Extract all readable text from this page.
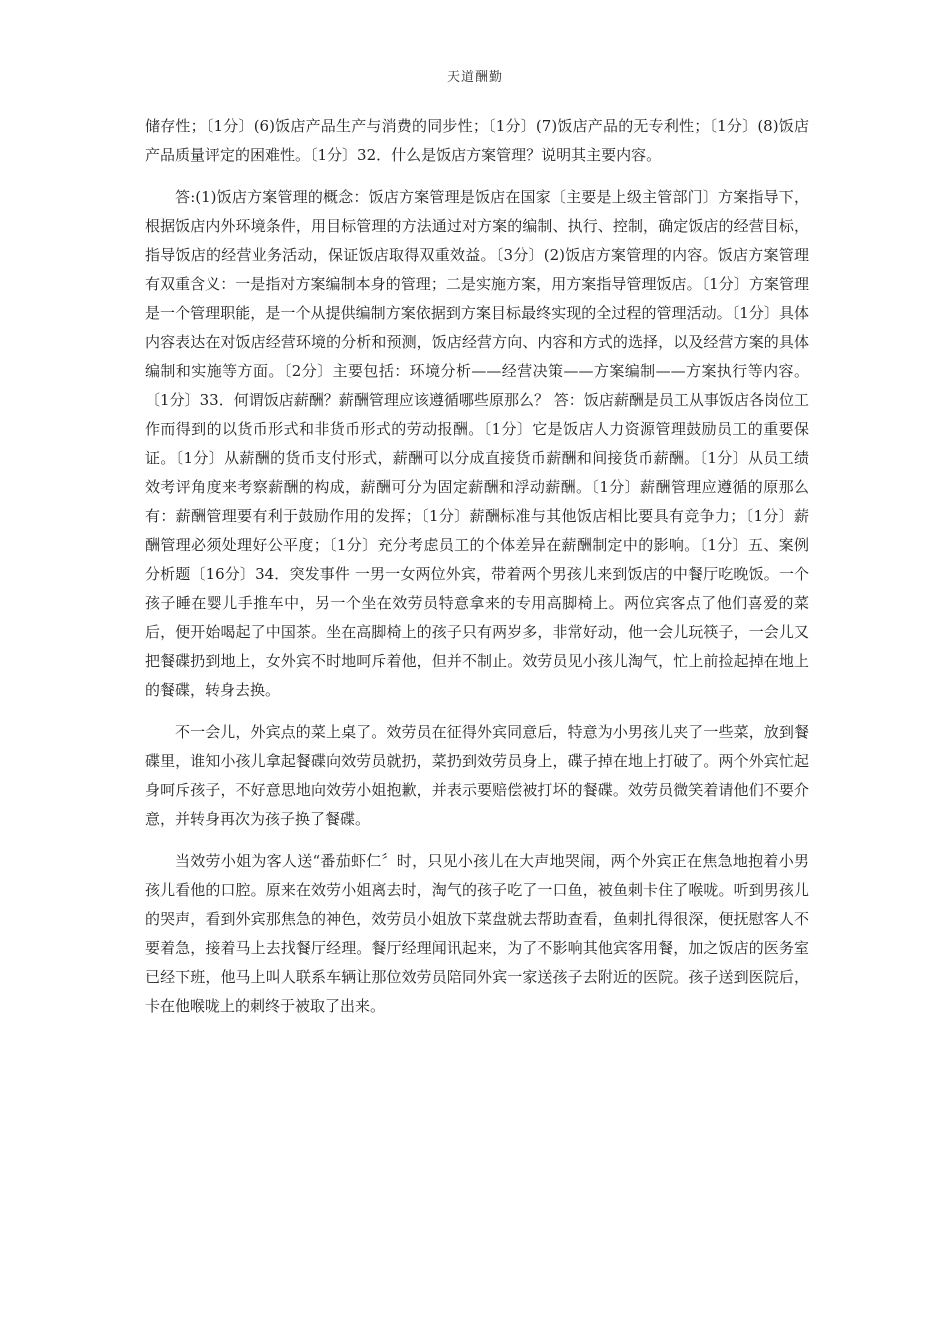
天道酬勤

储存性；〔1分〕(6)饭店产品生产与消费的同步性；〔1分〕(7)饭店产品的无专利性；〔1分〕(8)饭店产品质量评定的困难性。〔1分〕32．什么是饭店方案管理？说明其主要内容。

答:(1)饭店方案管理的概念：饭店方案管理是饭店在国家〔主要是上级主管部门〕方案指导下，根据饭店内外环境条件，用目标管理的方法通过对方案的编制、执行、控制，确定饭店的经营目标，指导饭店的经营业务活动，保证饭店取得双重效益。〔3分〕(2)饭店方案管理的内容。饭店方案管理有双重含义：一是指对方案编制本身的管理；二是实施方案，用方案指导管理饭店。〔1分〕方案管理是一个管理职能，是一个从提供编制方案依据到方案目标最终实现的全过程的管理活动。〔1分〕具体内容表达在对饭店经营环境的分析和预测，饭店经营方向、内容和方式的选择，以及经营方案的具体编制和实施等方面。〔2分〕主要包括：环境分析——经营决策——方案编制——方案执行等内容。〔1分〕33．何谓饭店薪酬？薪酬管理应该遵循哪些原那么？ 答：饭店薪酬是员工从事饭店各岗位工作而得到的以货币形式和非货币形式的劳动报酬。〔1分〕它是饭店人力资源管理鼓励员工的重要保证。〔1分〕从薪酬的货币支付形式，薪酬可以分成直接货币薪酬和间接货币薪酬。〔1分〕从员工绩效考评角度来考察薪酬的构成，薪酬可分为固定薪酬和浮动薪酬。〔1分〕薪酬管理应遵循的原那么有：薪酬管理要有利于鼓励作用的发挥；〔1分〕薪酬标准与其他饭店相比要具有竞争力；〔1分〕薪酬管理必须处理好公平度；〔1分〕充分考虑员工的个体差异在薪酬制定中的影响。〔1分〕五、案例分析题〔16分〕34．突发事件 一男一女两位外宾，带着两个男孩儿来到饭店的中餐厅吃晚饭。一个孩子睡在婴儿手推车中，另一个坐在效劳员特意拿来的专用高脚椅上。两位宾客点了他们喜爱的菜后，便开始喝起了中国茶。坐在高脚椅上的孩子只有两岁多，非常好动，他一会儿玩筷子，一会儿又把餐碟扔到地上，女外宾不时地呵斥着他，但并不制止。效劳员见小孩儿淘气，忙上前捡起掉在地上的餐碟，转身去换。

不一会儿，外宾点的菜上桌了。效劳员在征得外宾同意后，特意为小男孩儿夹了一些菜，放到餐碟里，谁知小孩儿拿起餐碟向效劳员就扔，菜扔到效劳员身上，碟子掉在地上打破了。两个外宾忙起身呵斥孩子，不好意思地向效劳小姐抱歉，并表示要赔偿被打坏的餐碟。效劳员微笑着请他们不要介意，并转身再次为孩子换了餐碟。

当效劳小姐为客人送“番茄虾仁〞时，只见小孩儿在大声地哭闹，两个外宾正在焦急地抱着小男孩儿看他的口腔。原来在效劳小姐离去时，淘气的孩子吃了一口鱼，被鱼刺卡住了喉咙。听到男孩儿的哭声，看到外宾那焦急的神色，效劳员小姐放下菜盘就去帮助查看，鱼刺扎得很深，便抚慰客人不要着急，接着马上去找餐厅经理。餐厅经理闻讯起来，为了不影响其他宾客用餐，加之饭店的医务室已经下班，他马上叫人联系车辆让那位效劳员陪同外宾一家送孩子去附近的医院。孩子送到医院后，卡在他喉咙上的刺终于被取了出来。
